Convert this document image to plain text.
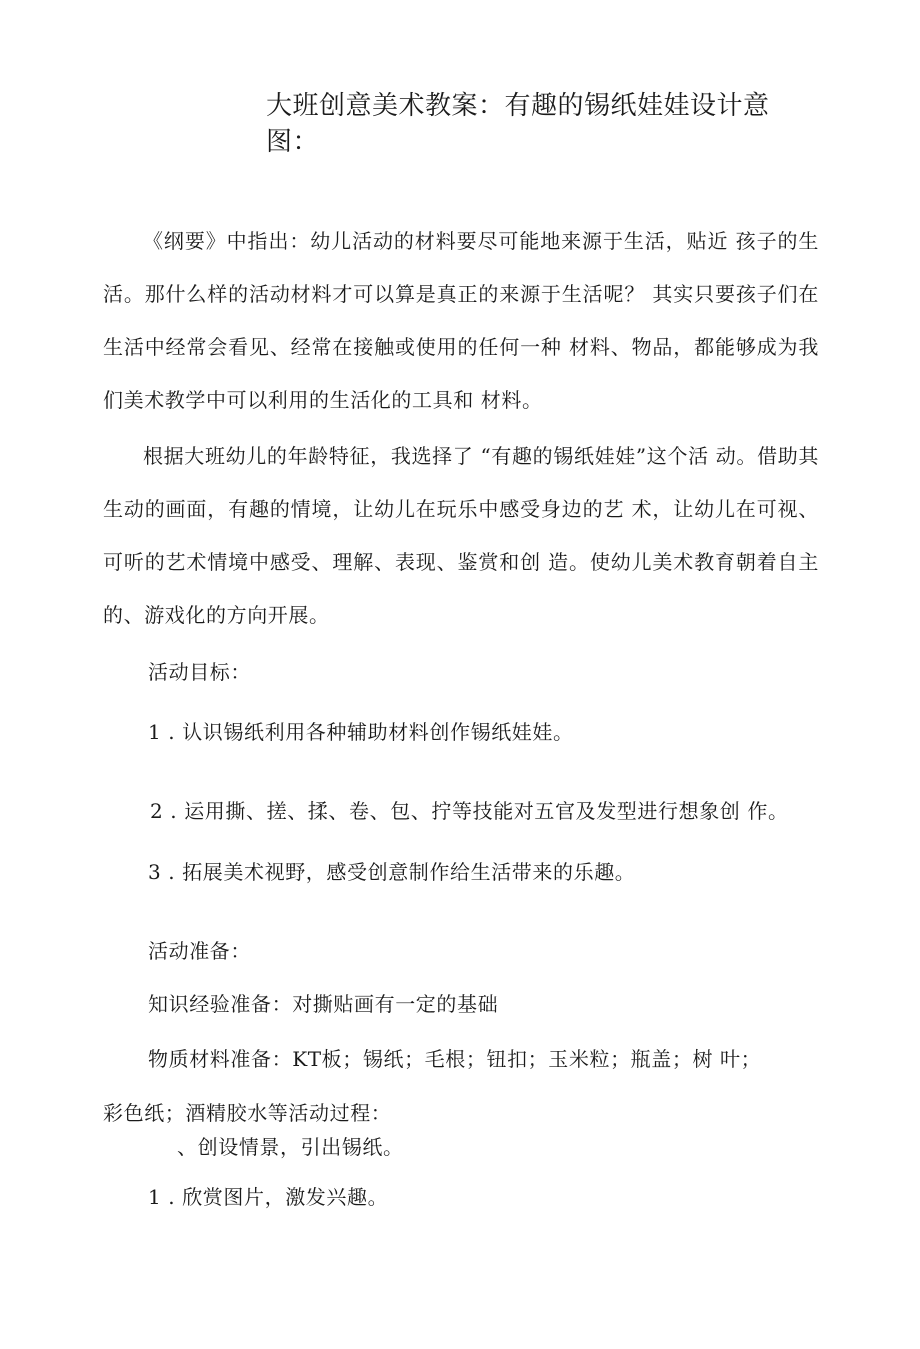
大班创意美术教案：有趣的锡纸娃娃设计意图：

《纲要》中指出：幼儿活动的材料要尽可能地来源于生活，贴近 孩子的生活。那什么样的活动材料才可以算是真正的来源于生活呢？ 其实只要孩子们在生活中经常会看见、经常在接触或使用的任何一种 材料、物品，都能够成为我们美术教学中可以利用的生活化的工具和 材料。

根据大班幼儿的年龄特征，我选择了 “有趣的锡纸娃娃”这个活 动。借助其生动的画面，有趣的情境，让幼儿在玩乐中感受身边的艺 术，让幼儿在可视、可听的艺术情境中感受、理解、表现、鉴赏和创 造。使幼儿美术教育朝着自主的、游戏化的方向开展。

活动目标：

1 . 认识锡纸利用各种辅助材料创作锡纸娃娃。

2 . 运用撕、搓、揉、卷、包、拧等技能对五官及发型进行想象创 作。

3 . 拓展美术视野，感受创意制作给生活带来的乐趣。

活动准备：

知识经验准备：对撕贴画有一定的基础

物质材料准备：KT板；锡纸；毛根；钮扣；玉米粒；瓶盖；树 叶；

彩色纸；酒精胶水等活动过程：

、创设情景，引出锡纸。

1 . 欣赏图片，激发兴趣。
